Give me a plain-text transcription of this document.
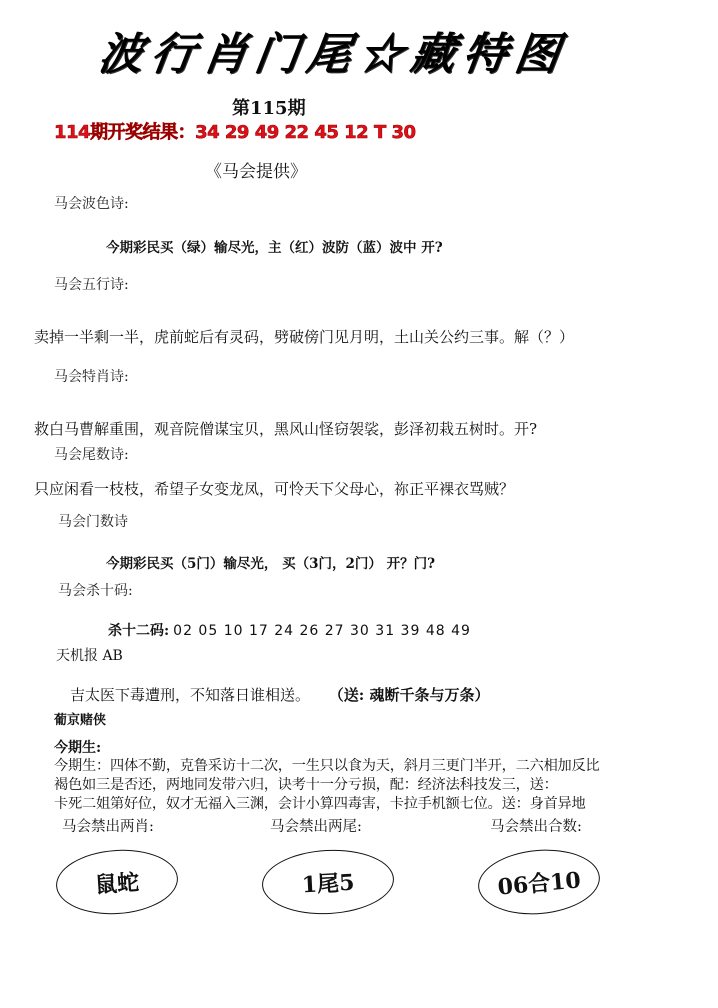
波行肖门尾☆藏特图
第115期
114期开奖结果：34 29 49 22 45 12 T 30
《马会提供》
马会波色诗:
今期彩民买（绿）输尽光，主（红）波防（蓝）波中 开?
马会五行诗:
卖掉一半剩一半，虎前蛇后有灵码，劈破傍门见月明，土山关公约三事。解（？）
马会特肖诗:
救白马曹解重围，观音院僧谋宝贝，黑风山怪窃袈裟，彭泽初栽五树时。开?
马会尾数诗:
只应闲看一枝枝，希望子女变龙凤，可怜天下父母心，祢正平裸衣骂贼？
马会门数诗
今期彩民买（5门）输尽光， 买（3门，2门） 开？门?
马会杀十码:
杀十二码: 02 05 10 17 24 26 27 30 31 39 48 49
天机报 AB
吉太医下毒遭刑，不知落日谁相送。 （送: 魂断千条与万条）
葡京赌侠
今期生:
今期生：四体不勤，克鲁采访十二次，一生只以食为天，斜月三更门半开，二六相加反比
褐色如三是否还，两地同发带六归，诀考十一分亏损，配：经济法科技发三，送：
卡死二姐第好位，奴才无福入三渊，会计小算四毒害，卡拉手机额七位。送：身首异地
马会禁出两肖:	马会禁出两尾:	马会禁出合数:
鼠蛇	1尾5	06合10
